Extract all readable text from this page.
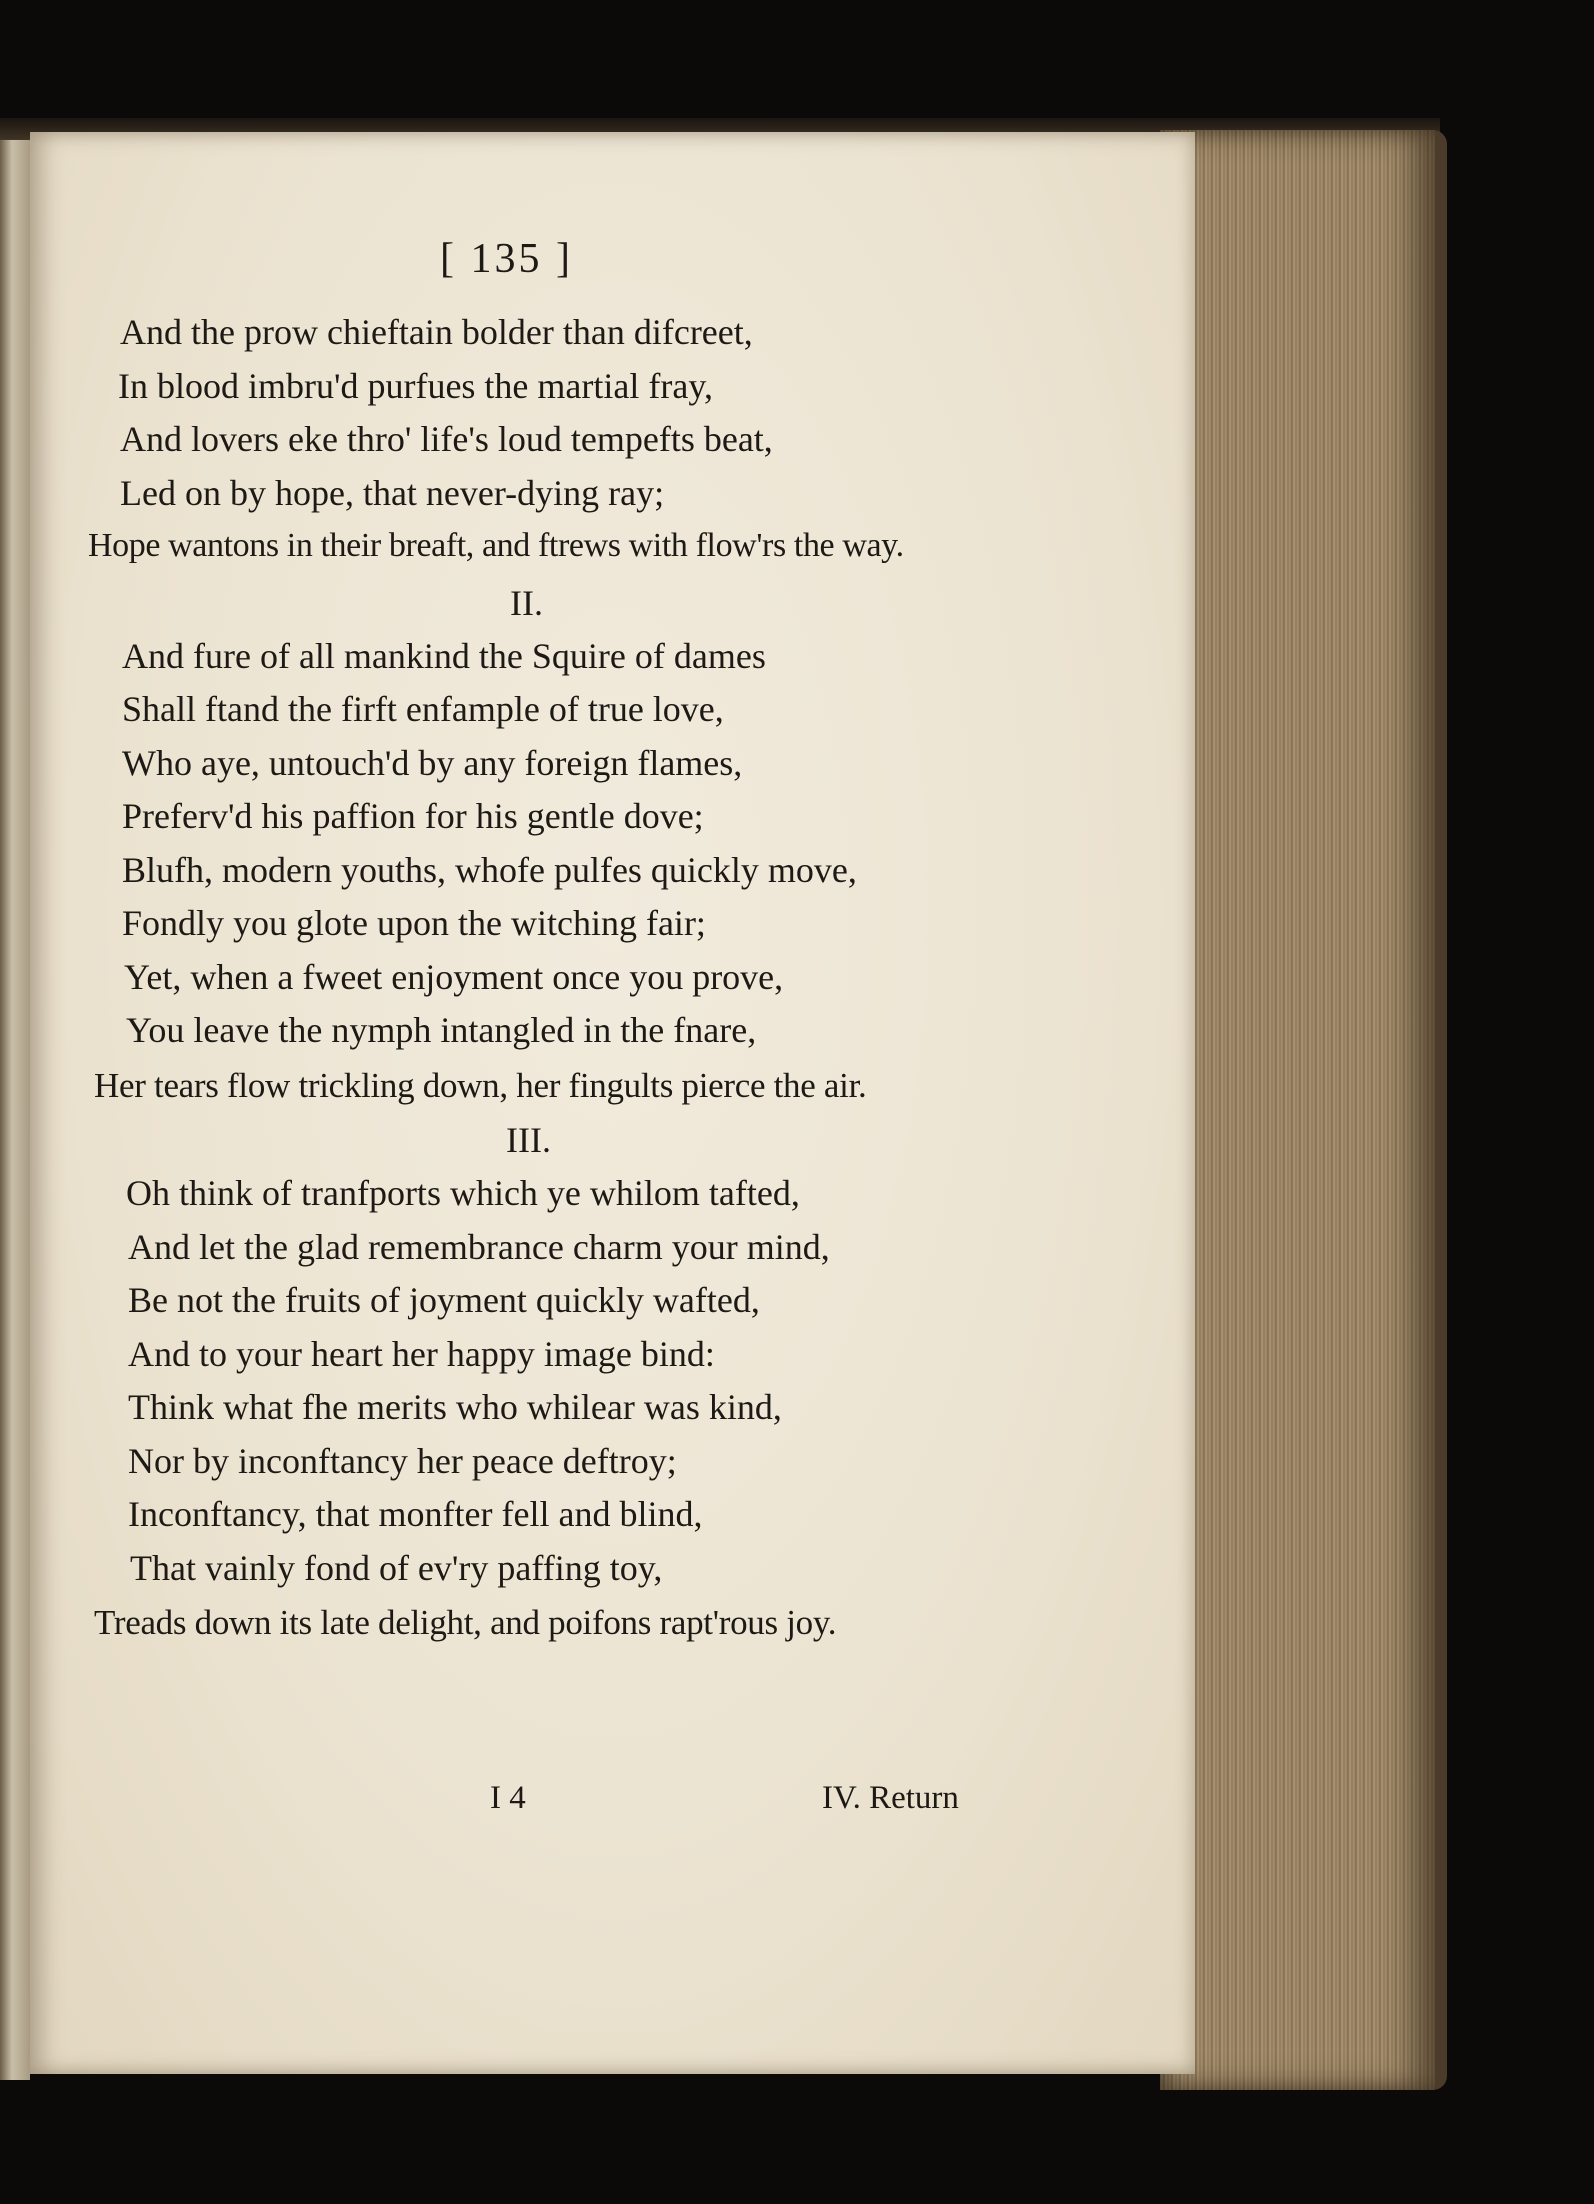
[ 135 ]
And the prow chieftain bolder than difcreet,
In blood imbru'd purfues the martial fray,
And lovers eke thro' life's loud tempefts beat,
Led on by hope, that never-dying ray;
Hope wantons in their breaft, and ftrews with flow'rs the way.
II.
And fure of all mankind the Squire of dames
Shall ftand the firft enfample of true love,
Who aye, untouch'd by any foreign flames,
Preferv'd his paffion for his gentle dove;
Blufh, modern youths, whofe pulfes quickly move,
Fondly you glote upon the witching fair;
Yet, when a fweet enjoyment once you prove,
You leave the nymph intangled in the fnare,
Her tears flow trickling down, her fingults pierce the air.
III.
Oh think of tranfports which ye whilom tafted,
And let the glad remembrance charm your mind,
Be not the fruits of joyment quickly wafted,
And to your heart her happy image bind:
Think what fhe merits who whilear was kind,
Nor by inconftancy her peace deftroy;
Inconftancy, that monfter fell and blind,
That vainly fond of ev'ry paffing toy,
Treads down its late delight, and poifons rapt'rous joy.
I 4	IV. Return
